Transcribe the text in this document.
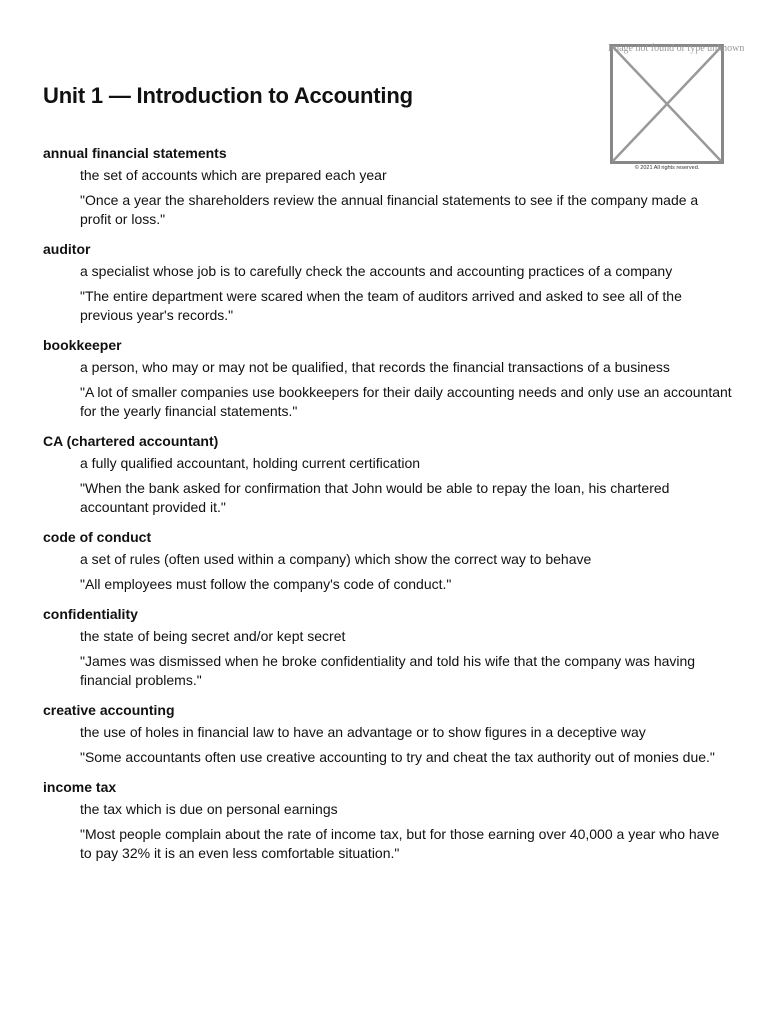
Unit 1 — Introduction to Accounting
Image not found or type unknown
© 2021 All rights reserved.
annual financial statements
the set of accounts which are prepared each year
"Once a year the shareholders review the annual financial statements to see if the company made a profit or loss."
auditor
a specialist whose job is to carefully check the accounts and accounting practices of a company
"The entire department were scared when the team of auditors arrived and asked to see all of the previous year's records."
bookkeeper
a person, who may or may not be qualified, that records the financial transactions of a business
"A lot of smaller companies use bookkeepers for their daily accounting needs and only use an accountant for the yearly financial statements."
CA (chartered accountant)
a fully qualified accountant, holding current certification
"When the bank asked for confirmation that John would be able to repay the loan, his chartered accountant provided it."
code of conduct
a set of rules (often used within a company) which show the correct way to behave
"All employees must follow the company's code of conduct."
confidentiality
the state of being secret and/or kept secret
"James was dismissed when he broke confidentiality and told his wife that the company was having financial problems."
creative accounting
the use of holes in financial law to have an advantage or to show figures in a deceptive way
"Some accountants often use creative accounting to try and cheat the tax authority out of monies due."
income tax
the tax which is due on personal earnings
"Most people complain about the rate of income tax, but for those earning over 40,000 a year who have to pay 32% it is an even less comfortable situation."
